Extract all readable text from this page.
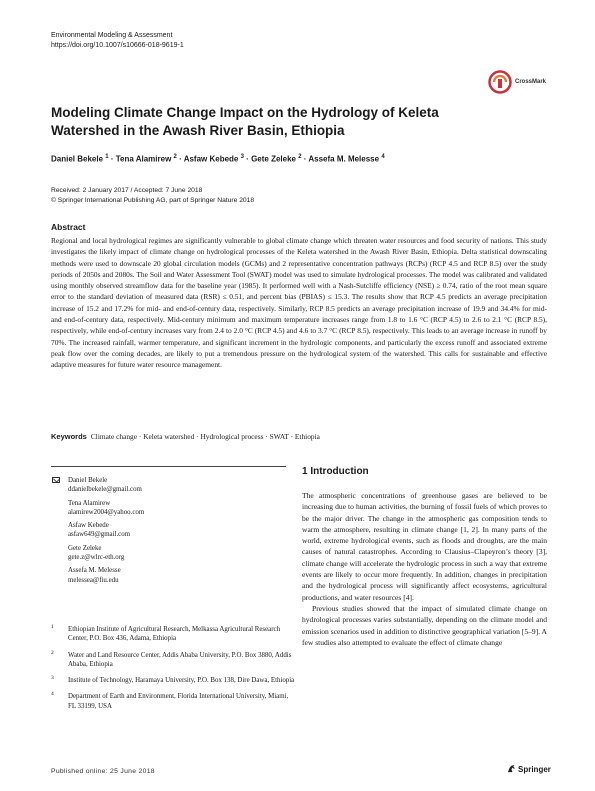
Environmental Modeling & Assessment
https://doi.org/10.1007/s10666-018-9619-1
CrossMark
Modeling Climate Change Impact on the Hydrology of Keleta Watershed in the Awash River Basin, Ethiopia
Daniel Bekele $^1$ · Tena Alamirew $^2$ · Asfaw Kebede $^3$ · Gete Zeleke $^2$ · Assefa M. Melesse $^4$
Received: 2 January 2017 / Accepted: 7 June 2018
© Springer International Publishing AG, part of Springer Nature 2018
Abstract
Regional and local hydrological regimes are significantly vulnerable to global climate change which threaten water resources and food security of nations. This study investigates the likely impact of climate change on hydrological processes of the Keleta watershed in the Awash River Basin, Ethiopia. Delta statistical downscaling methods were used to downscale 20 global circulation models (GCMs) and 2 representative concentration pathways (RCPs) (RCP 4.5 and RCP 8.5) over the study periods of 2050s and 2080s. The Soil and Water Assessment Tool (SWAT) model was used to simulate hydrological processes. The model was calibrated and validated using monthly observed streamflow data for the baseline year (1985). It performed well with a Nash-Sutcliffe efficiency (NSE) ≥ 0.74, ratio of the root mean square error to the standard deviation of measured data (RSR) ≤ 0.51, and percent bias (PBIAS) ≤ 15.3. The results show that RCP 4.5 predicts an average precipitation increase of 15.2 and 17.2% for mid- and end-of-century data, respectively. Similarly, RCP 8.5 predicts an average precipitation increase of 19.9 and 34.4% for mid- and end-of-century data, respectively. Mid-century minimum and maximum temperature increases range from 1.8 to 1.6 °C (RCP 4.5) to 2.6 to 2.1 °C (RCP 8.5), respectively, while end-of-century increases vary from 2.4 to 2.0 °C (RCP 4.5) and 4.6 to 3.7 °C (RCP 8.5), respectively. This leads to an average increase in runoff by 70%. The increased rainfall, warmer temperature, and significant increment in the hydrologic components, and particularly the excess runoff and associated extreme peak flow over the coming decades, are likely to put a tremendous pressure on the hydrological system of the watershed. This calls for sustainable and effective adaptive measures for future water resource management.
Keywords Climate change · Keleta watershed · Hydrological process · SWAT · Ethiopia
Daniel Bekele
ddanielbekele@gmail.com
Tena Alamirew
alamirew2004@yahoo.com
Asfaw Kebede
asfaw649@gmail.com
Gete Zeleke
gete.z@wlrc-eth.org
Assefa M. Melesse
melessea@fiu.edu
1 Ethiopian Institute of Agricultural Research, Melkassa Agricultural Research Center, P.O. Box 436, Adama, Ethiopia
2 Water and Land Resource Center, Addis Ababa University, P.O. Box 3880, Addis Ababa, Ethiopia
3 Institute of Technology, Haramaya University, P.O. Box 138, Dire Dawa, Ethiopia
4 Department of Earth and Environment, Florida International University, Miami, FL 33199, USA
1 Introduction

The atmospheric concentrations of greenhouse gases are believed to be increasing due to human activities, the burning of fossil fuels of which proves to be the major driver. The change in the atmospheric gas composition tends to warm the atmosphere, resulting in climate change [1, 2]. In many parts of the world, extreme hydrological events, such as floods and droughts, are the main causes of natural catastrophes. According to Clausius–Clapeyron’s theory [3], climate change will accelerate the hydrologic process in such a way that extreme events are likely to occur more frequently. In addition, changes in precipitation and the hydrological process will significantly affect ecosystems, agricultural productions, and water resources [4].

Previous studies showed that the impact of simulated climate change on hydrological processes varies substantially, depending on the climate model and emission scenarios used in addition to distinctive geographical variation [5–9]. A few studies also attempted to evaluate the effect of climate change

Published online: 25 June 2018	Springer
